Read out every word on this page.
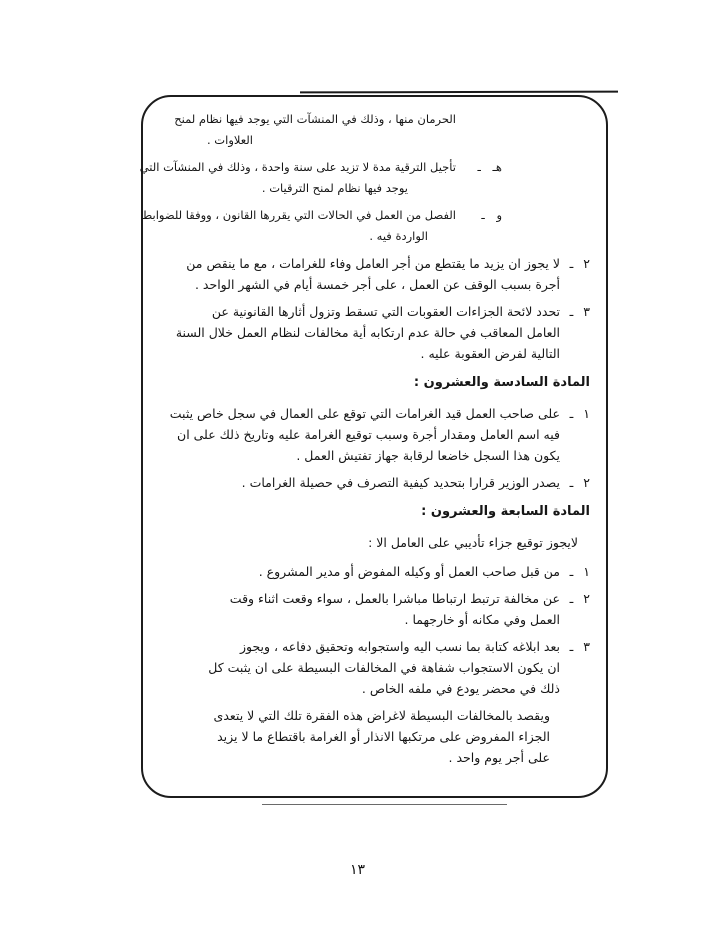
الحرمان منها ، وذلك في المنشآت التي يوجد فيها نظام لمنح
العلاوات .
هـ ـ
تأجيل الترقية مدة لا تزيد على سنة واحدة ، وذلك في المنشآت التي
يوجد فيها نظام لمنح الترقيات .
و ـ
الفصل من العمل في الحالات التي يقررها القانون ، ووفقا للضوابط
الواردة فيه .
٢ ـ
لا يجوز ان يزيد ما يقتطع من أجر العامل وفاء للغرامات ، مع ما ينقص من
أجرة بسبب الوقف عن العمل ، على أجر خمسة أيام في الشهر الواحد .
٣ ـ
تحدد لائحة الجزاءات العقوبات التي تسقط وتزول أثارها القانونية عن
العامل المعاقب في حالة عدم ارتكابه أية مخالفات لنظام العمل خلال السنة
التالية لفرض العقوبة عليه .
المادة السادسة والعشرون :
١ ـ
على صاحب العمل قيد الغرامات التي توقع على العمال في سجل خاص يثبت
فيه اسم العامل ومقدار أجرة وسبب توقيع الغرامة عليه وتاريخ ذلك على ان
يكون هذا السجل خاضعا لرقابة جهاز تفتيش العمل .
٢ ـ
يصدر الوزير قرارا بتحديد كيفية التصرف في حصيلة الغرامات .
المادة السابعة والعشرون :
لايجوز توقيع جزاء تأديبي على العامل الا :
١ ـ
من قبل صاحب العمل أو وكيله المفوض أو مدير المشروع .
٢ ـ
عن مخالفة ترتبط ارتباطا مباشرا بالعمل ، سواء وقعت اثناء وقت
العمل وفي مكانه أو خارجهما .
٣ ـ
بعد ابلاغه كتابة بما نسب اليه واستجوابه وتحقيق دفاعه ، ويجوز
ان يكون الاستجواب شفاهة في المخالفات البسيطة على ان يثبت كل
ذلك في محضر يودع في ملفه الخاص .
ويقصد بالمخالفات البسيطة لاغراض هذه الفقرة تلك التي لا يتعدى
الجزاء المفروض على مرتكبها الانذار أو الغرامة باقتطاع ما لا يزيد
على أجر يوم واحد .
١٣
